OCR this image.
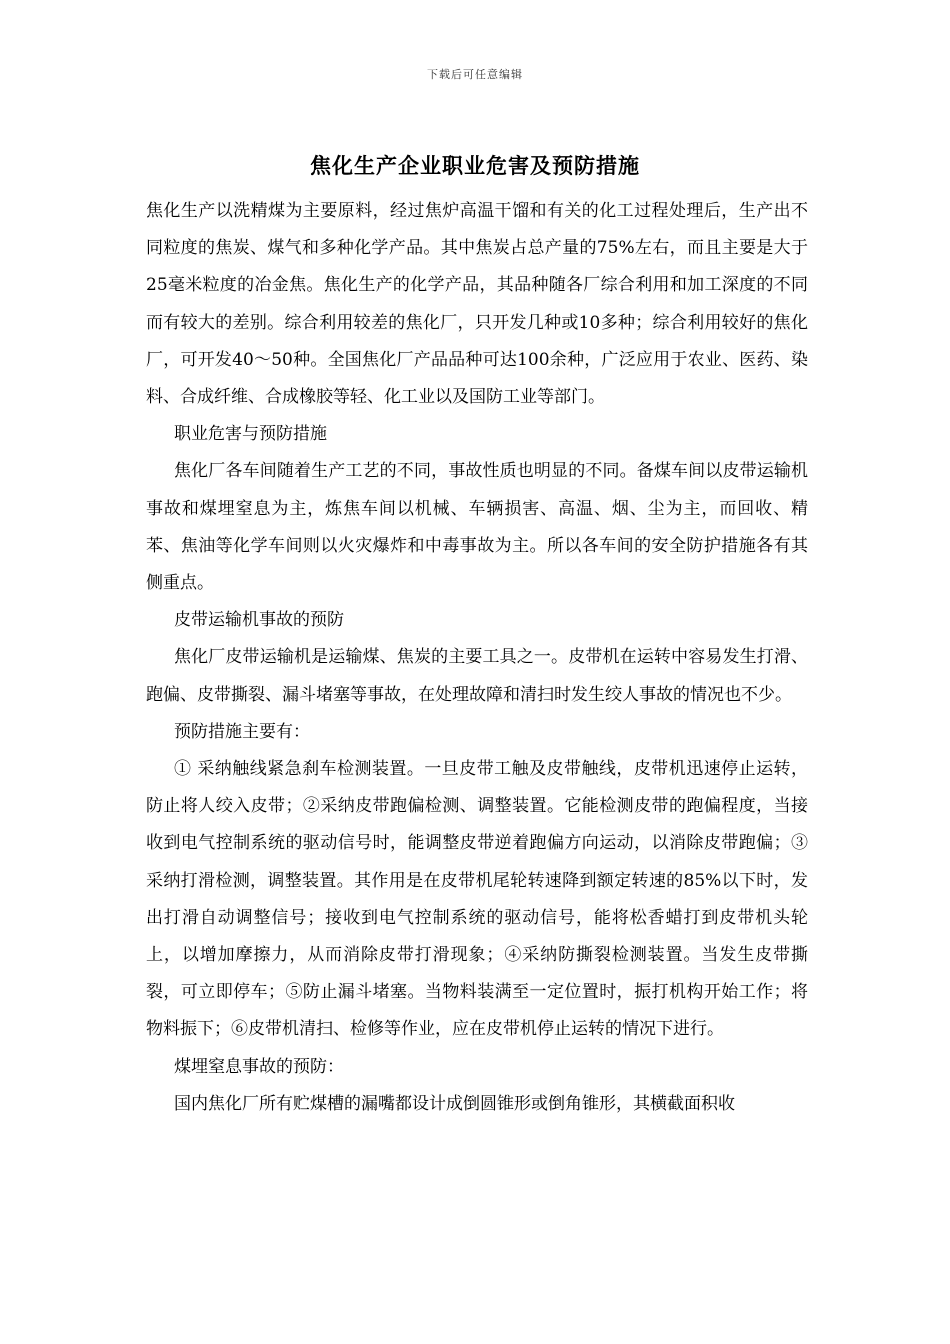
下载后可任意编辑
焦化生产企业职业危害及预防措施

焦化生产以洗精煤为主要原料，经过焦炉高温干馏和有关的化工过程处理后，生产出不同粒度的焦炭、煤气和多种化学产品。其中焦炭占总产量的75%左右，而且主要是大于25毫米粒度的冶金焦。焦化生产的化学产品，其品种随各厂综合利用和加工深度的不同而有较大的差别。综合利用较差的焦化厂，只开发几种或10多种；综合利用较好的焦化厂，可开发40～50种。全国焦化厂产品品种可达100余种，广泛应用于农业、医药、染料、合成纤维、合成橡胶等轻、化工业以及国防工业等部门。

职业危害与预防措施

焦化厂各车间随着生产工艺的不同，事故性质也明显的不同。备煤车间以皮带运输机事故和煤埋窒息为主，炼焦车间以机械、车辆损害、高温、烟、尘为主，而回收、精苯、焦油等化学车间则以火灾爆炸和中毒事故为主。所以各车间的安全防护措施各有其侧重点。

皮带运输机事故的预防

焦化厂皮带运输机是运输煤、焦炭的主要工具之一。皮带机在运转中容易发生打滑、跑偏、皮带撕裂、漏斗堵塞等事故，在处理故障和清扫时发生绞人事故的情况也不少。

预防措施主要有：

① 采纳触线紧急刹车检测装置。一旦皮带工触及皮带触线，皮带机迅速停止运转，防止将人绞入皮带；②采纳皮带跑偏检测、调整装置。它能检测皮带的跑偏程度，当接收到电气控制系统的驱动信号时，能调整皮带逆着跑偏方向运动，以消除皮带跑偏；③采纳打滑检测，调整装置。其作用是在皮带机尾轮转速降到额定转速的85%以下时，发出打滑自动调整信号；接收到电气控制系统的驱动信号，能将松香蜡打到皮带机头轮上，以增加摩擦力，从而消除皮带打滑现象；④采纳防撕裂检测装置。当发生皮带撕裂，可立即停车；⑤防止漏斗堵塞。当物料装满至一定位置时，振打机构开始工作；将物料振下；⑥皮带机清扫、检修等作业，应在皮带机停止运转的情况下进行。

煤埋窒息事故的预防：

国内焦化厂所有贮煤槽的漏嘴都设计成倒圆锥形或倒角锥形，其横截面积收
